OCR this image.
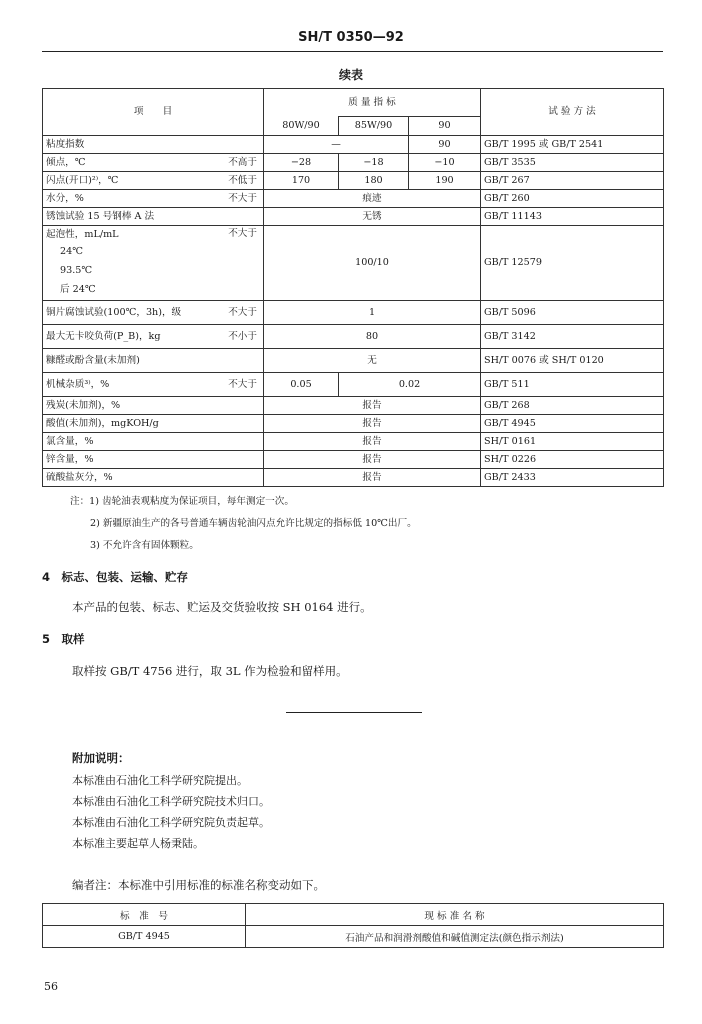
SH/T 0350—92
续表
项　　目		质 量 指 标			试 验 方 法
		80W/90	85W/90	90	
粘度指数		—		90	GB/T 1995 或 GB/T 2541
倾点，℃	不高于	−28	−18	−10	GB/T 3535
闪点(开口)²⁾，℃	不低于	170	180	190	GB/T 267
水分，%	不大于	痕迹			GB/T 260
锈蚀试验 15 号钢棒 A 法		无锈			GB/T 11143

起泡性，mL/mL
24℃
93.5℃
后 24℃	不大于	100/10			GB/T 12579
铜片腐蚀试验(100℃，3h)，级	不大于	1			GB/T 5096
最大无卡咬负荷(P_B)，kg	不小于	80			GB/T 3142
糠醛或酚含量(未加剂)		无			SH/T 0076 或 SH/T 0120
机械杂质³⁾，%	不大于	0.05	0.02		GB/T 511
残炭(未加剂)，%		报告			GB/T 268
酸值(未加剂)，mgKOH/g		报告			GB/T 4945
氯含量，%		报告			SH/T 0161
锌含量，%		报告			SH/T 0226
硫酸盐灰分，%		报告			GB/T 2433
注：1) 齿轮油表观粘度为保证项目，每年测定一次。
2) 新疆原油生产的各号普通车辆齿轮油闪点允许比规定的指标低 10℃出厂。
3) 不允许含有固体颗粒。
4　标志、包装、运输、贮存
本产品的包装、标志、贮运及交货验收按 SH 0164 进行。
5　取样
取样按 GB/T 4756 进行，取 3L 作为检验和留样用。
附加说明：
本标准由石油化工科学研究院提出。
本标准由石油化工科学研究院技术归口。
本标准由石油化工科学研究院负责起草。
本标准主要起草人杨秉陆。
编者注：本标准中引用标准的标准名称变动如下。
标　准　号	现 标 准 名 称
GB/T 4945	石油产品和润滑剂酸值和碱值测定法(颜色指示剂法)
56
